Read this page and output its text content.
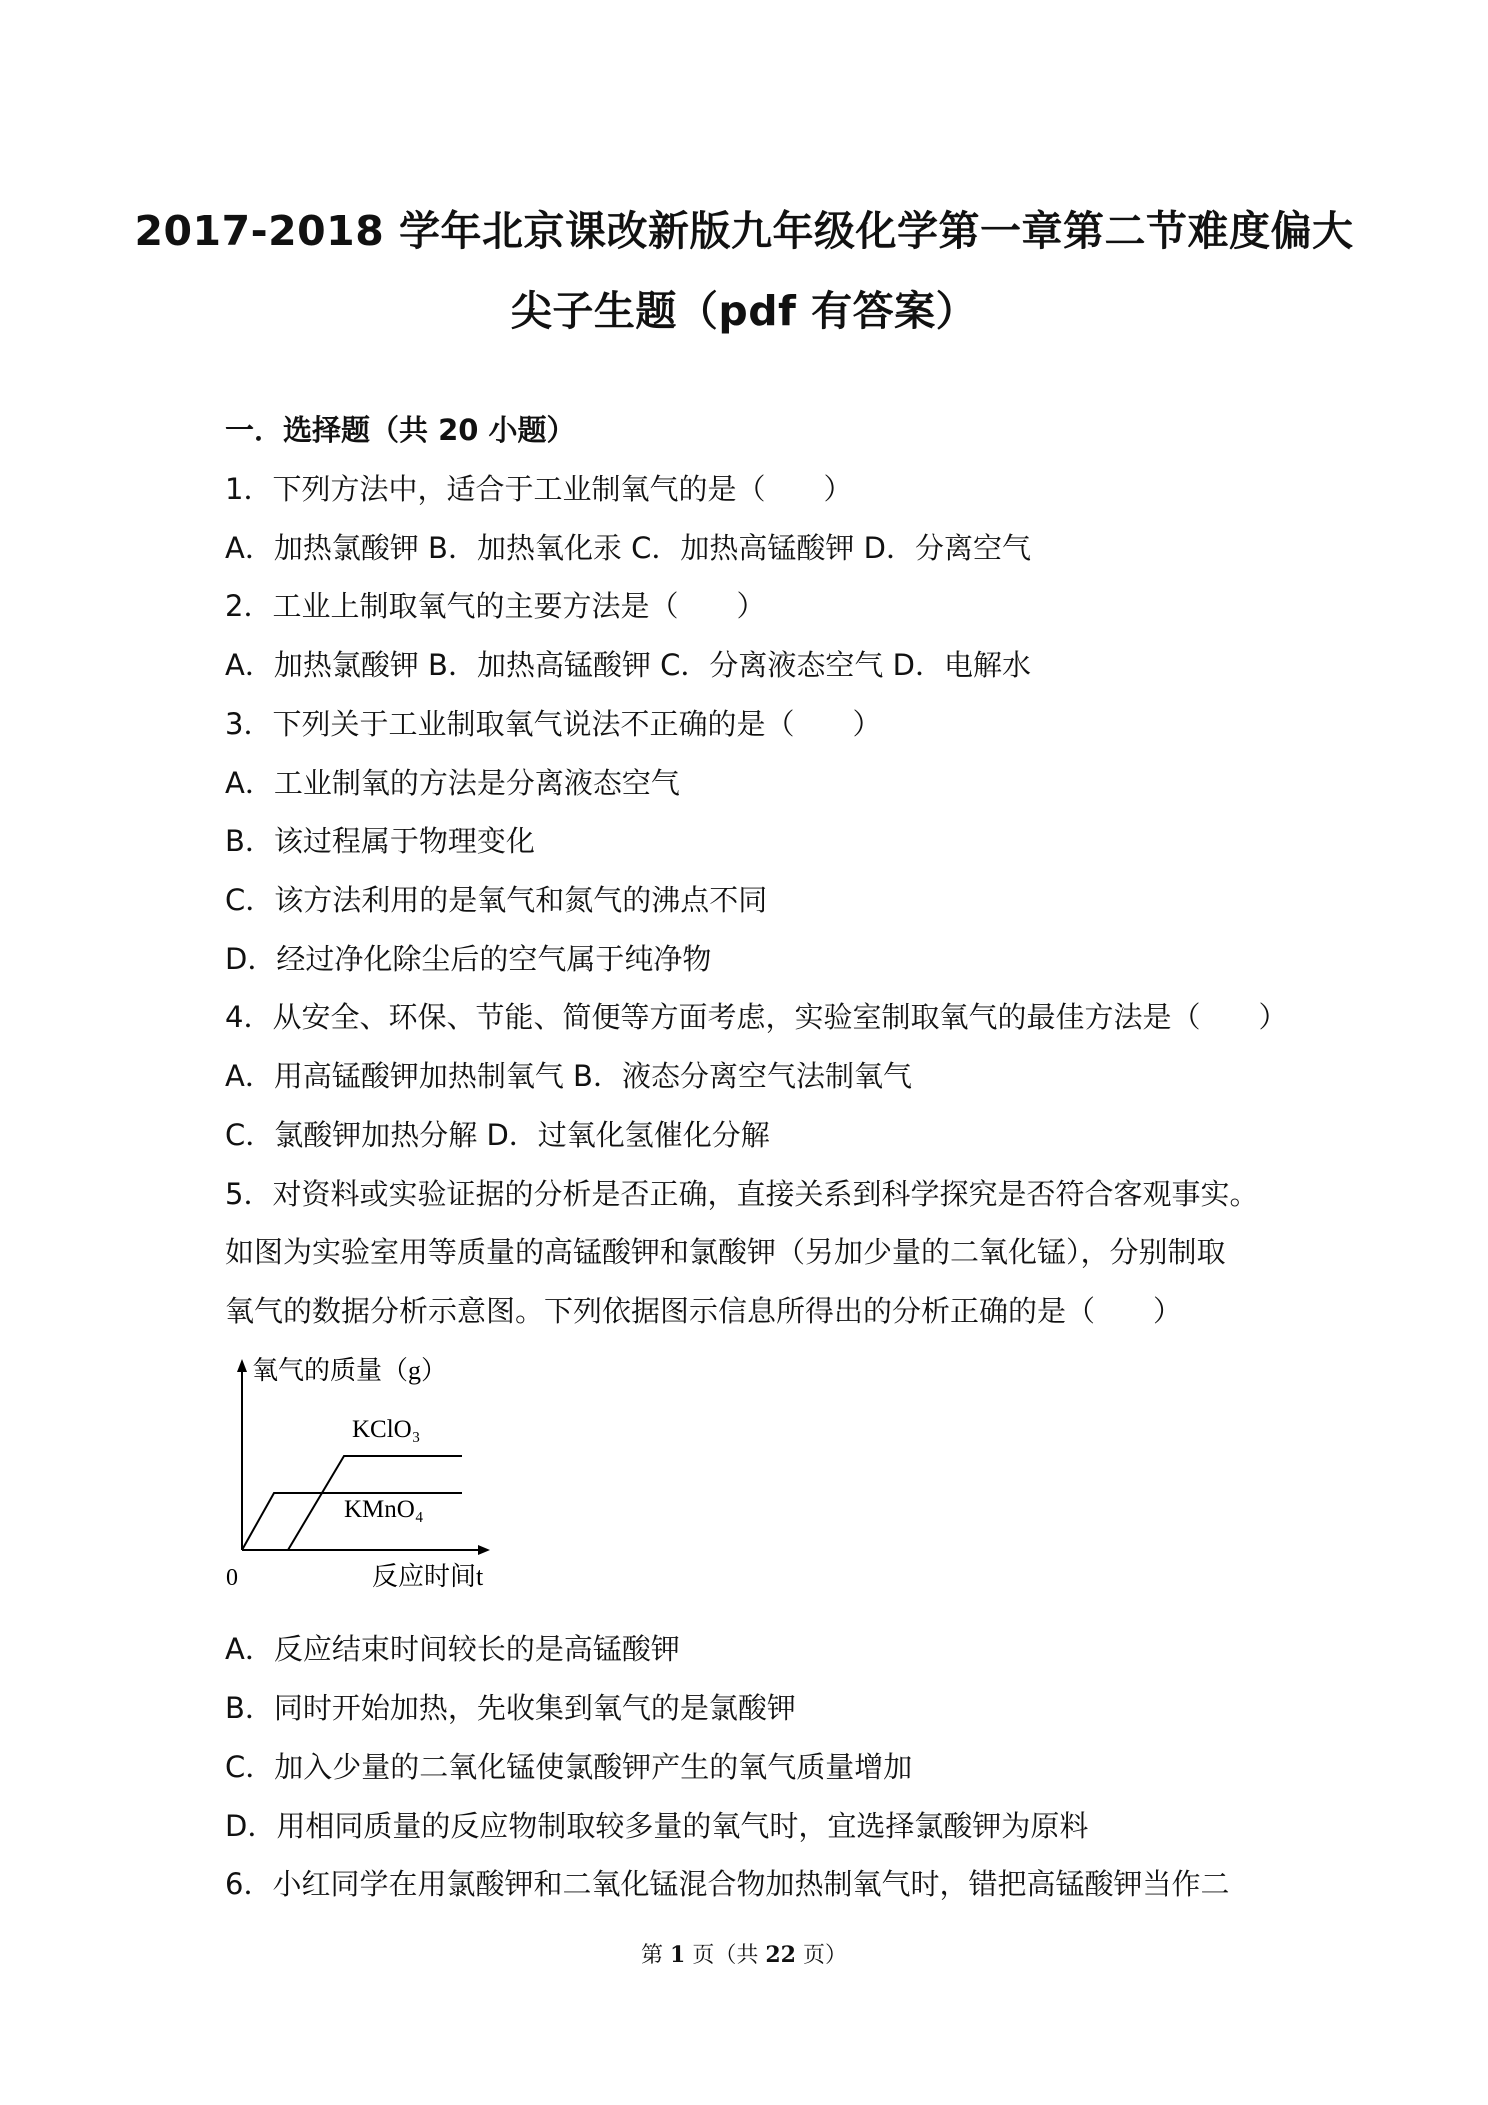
2017-2018 学年北京课改新版九年级化学第一章第二节难度偏大
尖子生题（pdf 有答案）
一．选择题（共 20 小题）
1．下列方法中，适合于工业制氧气的是（　　）
A．加热氯酸钾 B．加热氧化汞 C．加热高锰酸钾 D．分离空气
2．工业上制取氧气的主要方法是（　　）
A．加热氯酸钾 B．加热高锰酸钾 C．分离液态空气 D．电解水
3．下列关于工业制取氧气说法不正确的是（　　）
A．工业制氧的方法是分离液态空气
B．该过程属于物理变化
C．该方法利用的是氧气和氮气的沸点不同
D．经过净化除尘后的空气属于纯净物
4．从安全、环保、节能、简便等方面考虑，实验室制取氧气的最佳方法是（　　）
A．用高锰酸钾加热制氧气 B．液态分离空气法制氧气
C．氯酸钾加热分解 D．过氧化氢催化分解
5．对资料或实验证据的分析是否正确，直接关系到科学探究是否符合客观事实。
如图为实验室用等质量的高锰酸钾和氯酸钾（另加少量的二氧化锰），分别制取
氧气的数据分析示意图。下列依据图示信息所得出的分析正确的是（　　）
氧气的质量（g）
KClO₃
KMnO₄
0	反应时间t
A．反应结束时间较长的是高锰酸钾
B．同时开始加热，先收集到氧气的是氯酸钾
C．加入少量的二氧化锰使氯酸钾产生的氧气质量增加
D．用相同质量的反应物制取较多量的氧气时，宜选择氯酸钾为原料
6．小红同学在用氯酸钾和二氧化锰混合物加热制氧气时，错把高锰酸钾当作二
第 1 页（共 22 页）
